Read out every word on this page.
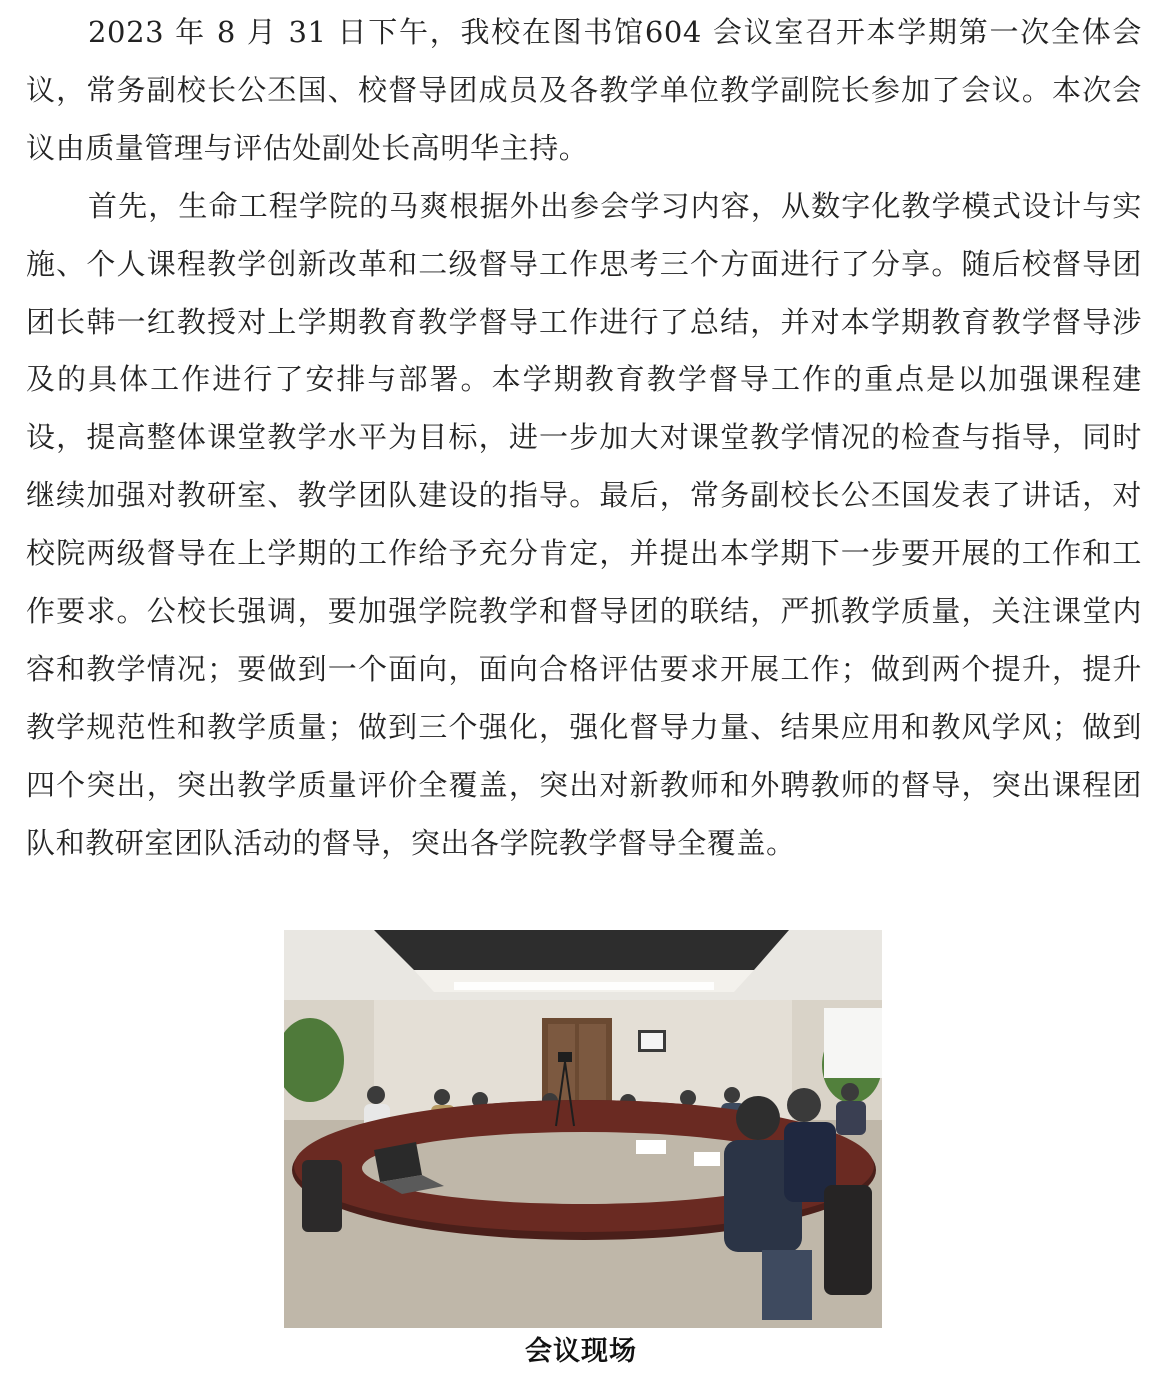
2023 年 8 月 31 日下午，我校在图书馆604 会议室召开本学期第一次全体会议，常务副校长公丕国、校督导团成员及各教学单位教学副院长参加了会议。本次会议由质量管理与评估处副处长高明华主持。

首先，生命工程学院的马爽根据外出参会学习内容，从数字化教学模式设计与实施、个人课程教学创新改革和二级督导工作思考三个方面进行了分享。随后校督导团团长韩一红教授对上学期教育教学督导工作进行了总结，并对本学期教育教学督导涉及的具体工作进行了安排与部署。本学期教育教学督导工作的重点是以加强课程建设，提高整体课堂教学水平为目标，进一步加大对课堂教学情况的检查与指导，同时继续加强对教研室、教学团队建设的指导。最后，常务副校长公丕国发表了讲话，对校院两级督导在上学期的工作给予充分肯定，并提出本学期下一步要开展的工作和工作要求。公校长强调，要加强学院教学和督导团的联结，严抓教学质量，关注课堂内容和教学情况；要做到一个面向，面向合格评估要求开展工作；做到两个提升，提升教学规范性和教学质量；做到三个强化，强化督导力量、结果应用和教风学风；做到四个突出，突出教学质量评价全覆盖，突出对新教师和外聘教师的督导，突出课程团队和教研室团队活动的督导，突出各学院教学督导全覆盖。

会议现场
